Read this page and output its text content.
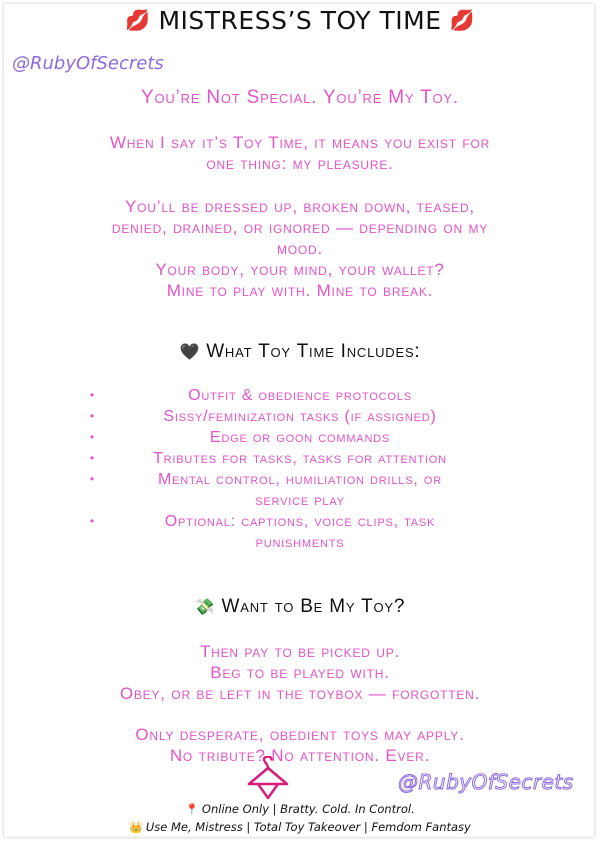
💋 MISTRESS’S TOY TIME 💋
@RubyOfSecrets
You’re Not Special. You’re My Toy.
When I say it’s Toy Time, it means you exist for
one thing: my pleasure.
You’ll be dressed up, broken down, teased,
denied, drained, or ignored — depending on my
mood.
Your body, your mind, your wallet?
Mine to play with. Mine to break.
🖤 What Toy Time Includes:
• Outfit & obedience protocols
• Sissy/feminization tasks (if assigned)
• Edge or goon commands
• Tributes for tasks, tasks for attention
• Mental control, humiliation drills, or
service play
• Optional: captions, voice clips, task
punishments
💸 Want to Be My Toy?
Then pay to be picked up.
Beg to be played with.
Obey, or be left in the toybox — forgotten.
Only desperate, obedient toys may apply.
No tribute? No attention. Ever.
@RubyOfSecrets
📍 Online Only | Bratty. Cold. In Control.
👑 Use Me, Mistress | Total Toy Takeover | Femdom Fantasy
